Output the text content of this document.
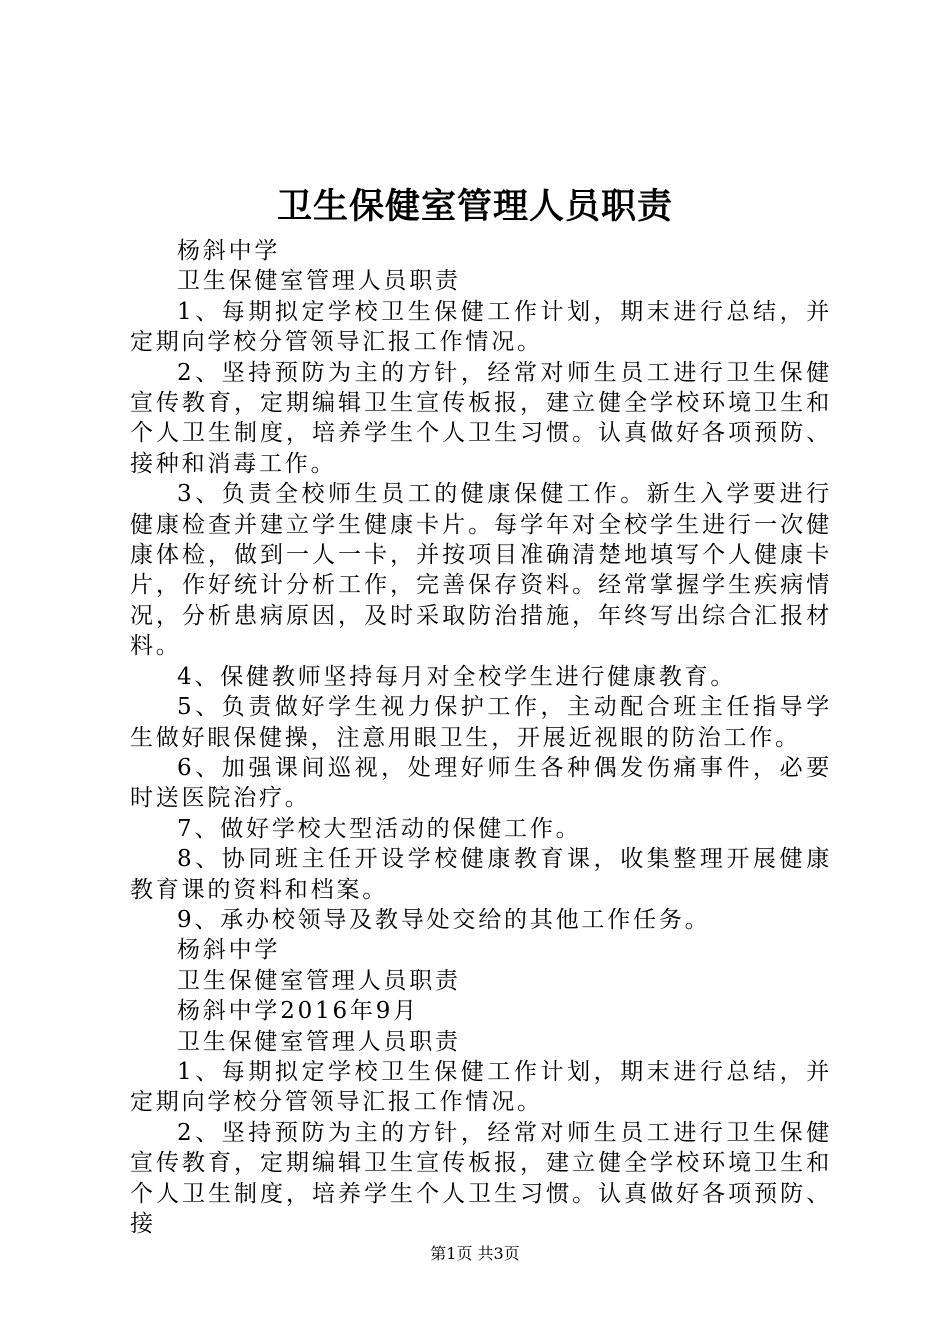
卫生保健室管理人员职责

杨斜中学

卫生保健室管理人员职责

1、每期拟定学校卫生保健工作计划，期末进行总结，并定期向学校分管领导汇报工作情况。

2、坚持预防为主的方针，经常对师生员工进行卫生保健宣传教育，定期编辑卫生宣传板报，建立健全学校环境卫生和个人卫生制度，培养学生个人卫生习惯。认真做好各项预防、接种和消毒工作。

3、负责全校师生员工的健康保健工作。新生入学要进行健康检查并建立学生健康卡片。每学年对全校学生进行一次健康体检，做到一人一卡，并按项目准确清楚地填写个人健康卡片，作好统计分析工作，完善保存资料。经常掌握学生疾病情况，分析患病原因，及时采取防治措施，年终写出综合汇报材料。

4、保健教师坚持每月对全校学生进行健康教育。

5、负责做好学生视力保护工作，主动配合班主任指导学生做好眼保健操，注意用眼卫生，开展近视眼的防治工作。

6、加强课间巡视，处理好师生各种偶发伤痛事件，必要时送医院治疗。

7、做好学校大型活动的保健工作。

8、协同班主任开设学校健康教育课，收集整理开展健康教育课的资料和档案。

9、承办校领导及教导处交给的其他工作任务。

杨斜中学

卫生保健室管理人员职责

杨斜中学2016年9月

卫生保健室管理人员职责

1、每期拟定学校卫生保健工作计划，期末进行总结，并定期向学校分管领导汇报工作情况。

2、坚持预防为主的方针，经常对师生员工进行卫生保健宣传教育，定期编辑卫生宣传板报，建立健全学校环境卫生和个人卫生制度，培养学生个人卫生习惯。认真做好各项预防、接

第1页 共3页
